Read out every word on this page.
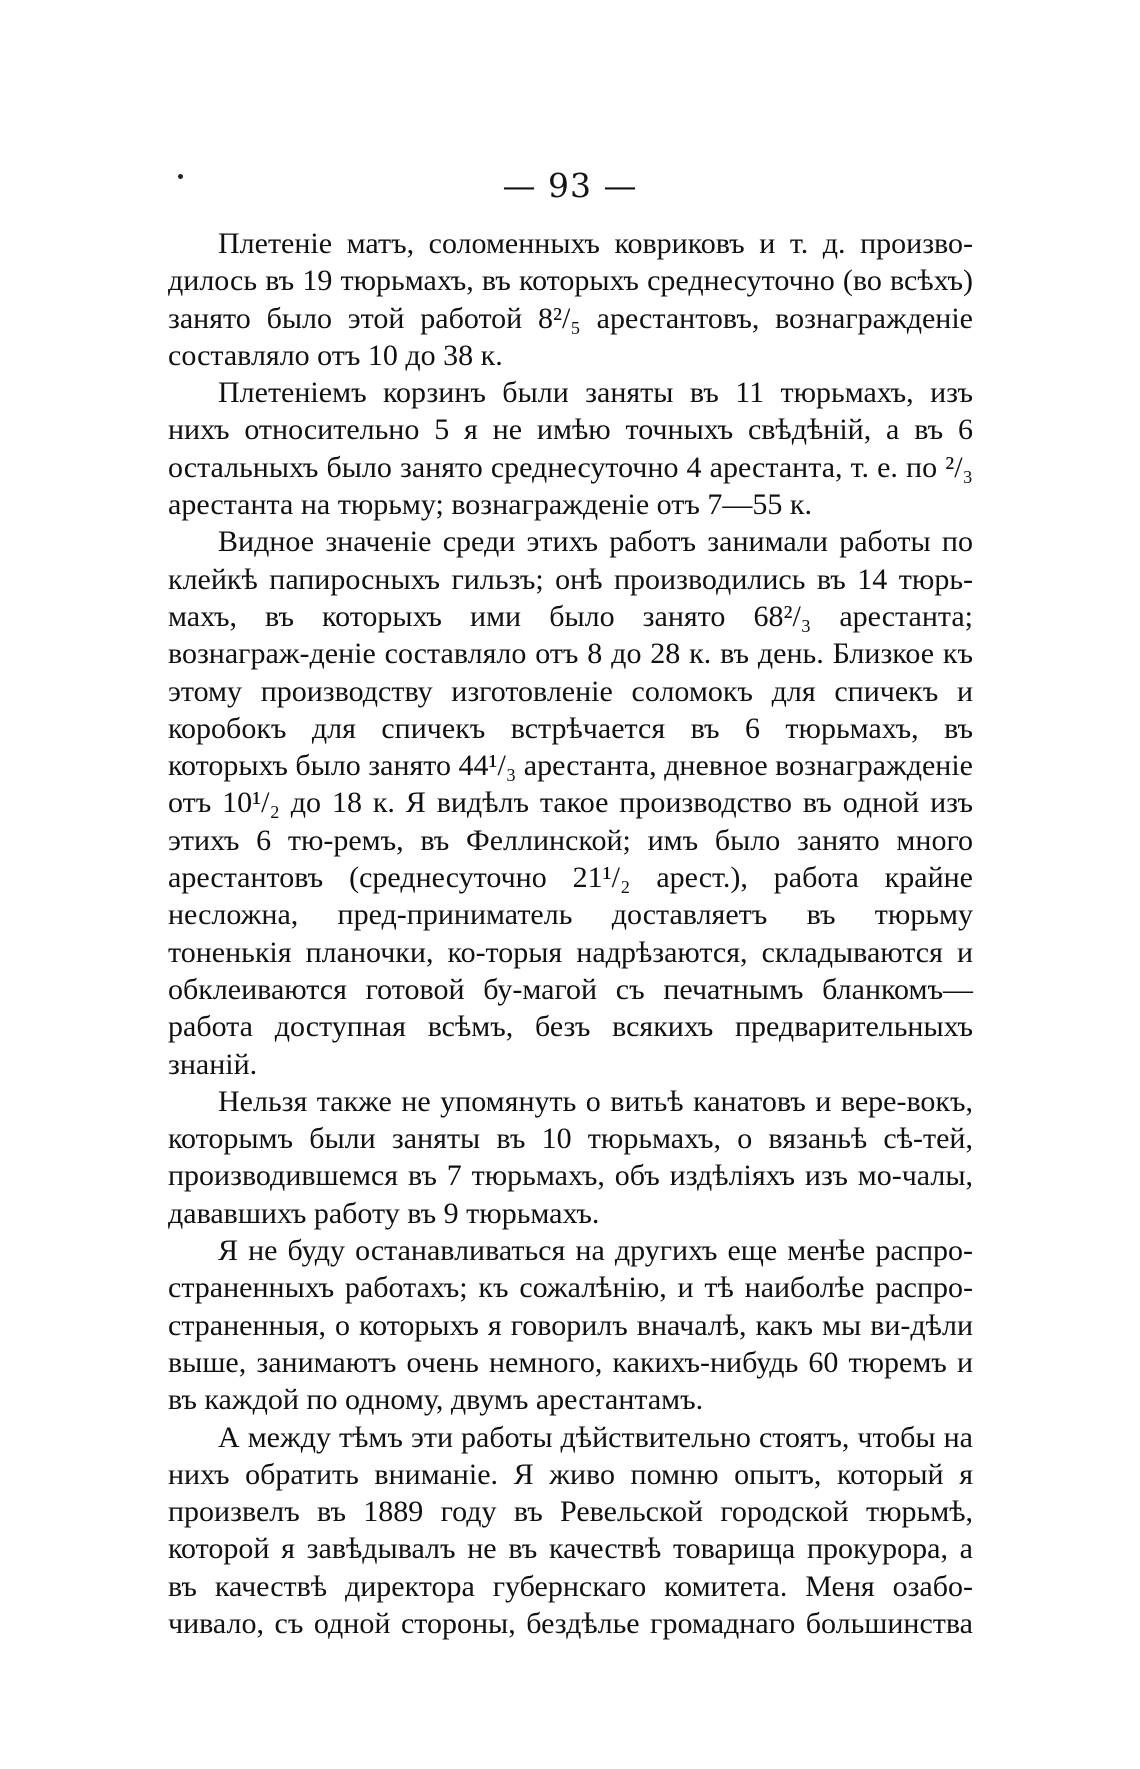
— 93 —

Плетеніе матъ, соломенныхъ ковриковъ и т. д. произво-дилось въ 19 тюрьмахъ, въ которыхъ среднесуточно (во всѣхъ) занято было этой работой 8²/₅ арестантовъ, вознагражденіе составляло отъ 10 до 38 к.

Плетеніемъ корзинъ были заняты въ 11 тюрьмахъ, изъ нихъ относительно 5 я не имѣю точныхъ свѣдѣній, а въ 6 остальныхъ было занято среднесуточно 4 арестанта, т. е. по ²/₃ арестанта на тюрьму; вознагражденіе отъ 7—55 к.

Видное значеніе среди этихъ работъ занимали работы по клейкѣ папиросныхъ гильзъ; онѣ производились въ 14 тюрь-махъ, въ которыхъ ими было занято 68²/₃ арестанта; вознаграж-деніе составляло отъ 8 до 28 к. въ день. Близкое къ этому производству изготовленіе соломокъ для спичекъ и коробокъ для спичекъ встрѣчается въ 6 тюрьмахъ, въ которыхъ было занято 44¹/₃ арестанта, дневное вознагражденіе отъ 10¹/₂ до 18 к. Я видѣлъ такое производство въ одной изъ этихъ 6 тю-ремъ, въ Феллинской; имъ было занято много арестантовъ (среднесуточно 21¹/₂ арест.), работа крайне несложна, пред-приниматель доставляетъ въ тюрьму тоненькія планочки, ко-торыя надрѣзаются, складываются и обклеиваются готовой бу-магой съ печатнымъ бланкомъ—работа доступная всѣмъ, безъ всякихъ предварительныхъ знаній.

Нельзя также не упомянуть о витьѣ канатовъ и вере-вокъ, которымъ были заняты въ 10 тюрьмахъ, о вязаньѣ сѣ-тей, производившемся въ 7 тюрьмахъ, объ издѣліяхъ изъ мо-чалы, дававшихъ работу въ 9 тюрьмахъ.

Я не буду останавливаться на другихъ еще менѣе распро-страненныхъ работахъ; къ сожалѣнію, и тѣ наиболѣе распро-страненныя, о которыхъ я говорилъ вначалѣ, какъ мы ви-дѣли выше, занимаютъ очень немного, какихъ-нибудь 60 тюремъ и въ каждой по одному, двумъ арестантамъ.

А между тѣмъ эти работы дѣйствительно стоятъ, чтобы на нихъ обратить вниманіе. Я живо помню опытъ, который я произвелъ въ 1889 году въ Ревельской городской тюрьмѣ, которой я завѣдывалъ не въ качествѣ товарища прокурора, а въ качествѣ директора губернскаго комитета. Меня озабо-чивало, съ одной стороны, бездѣлье громаднаго большинства
